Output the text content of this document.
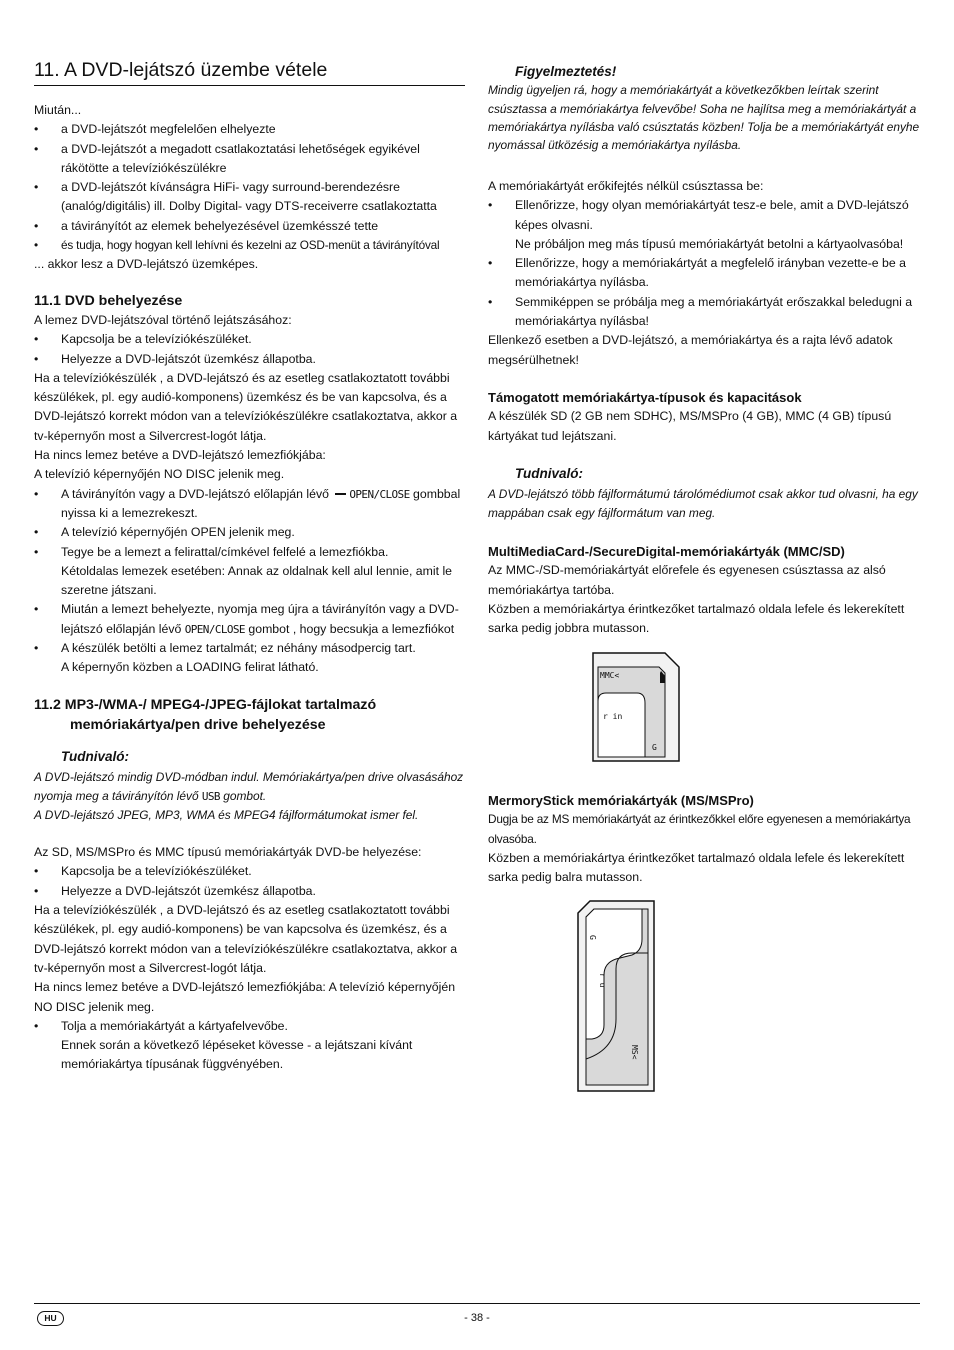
11. A DVD-lejátszó üzembe vétele

Miután...

• a DVD-lejátszót megfelelően elhelyezte
• a DVD-lejátszót a megadott csatlakoztatási lehetőségek egyikével rákötötte a televíziókészülékre
• a DVD-lejátszót kívánságra HiFi- vagy surround-berendezésre (analóg/digitális) ill. Dolby Digital- vagy DTS-receiverre csatlakoztatta
• a távirányítót az elemek behelyezésével üzemkésszé tette
• és tudja, hogy hogyan kell lehívni és kezelni az OSD-menüt a távirányítóval

... akkor lesz a DVD-lejátszó üzemképes.

11.1 DVD behelyezése

A lemez DVD-lejátszóval történő lejátszásához:

• Kapcsolja be a televíziókészüléket.
• Helyezze a DVD-lejátszót üzemkész állapotba.

Ha a televíziókészülék , a DVD-lejátszó és az esetleg csatlakoztatott további készülékek, pl. egy audió-komponens) üzemkész és be van kapcsolva, és a DVD-lejátszó korrekt módon van a televíziókészülékre csatlakoztatva, akkor a tv-képernyőn most a Silvercrest-logót látja.

Ha nincs lemez betéve a DVD-lejátszó lemezfiókjába:

A televízió képernyőjén NO DISC jelenik meg.

• A távirányítón vagy a DVD-lejátszó előlapján lévő OPEN/CLOSE gombbal nyissa ki a lemezrekeszt.
• A televízió képernyőjén OPEN jelenik meg.
• Tegye be a lemezt a felirattal/címkével felfelé a lemezfiókba.
Kétoldalas lemezek esetében: Annak az oldalnak kell alul lennie, amit le szeretne játszani.
• Miután a lemezt behelyezte, nyomja meg újra a távirányítón vagy a DVD-lejátszó előlapján lévő OPEN/CLOSE gombot , hogy becsukja a lemezfiókot
• A készülék betölti a lemez tartalmát; ez néhány másodpercig tart.
A képernyőn közben a LOADING felirat látható.

11.2 MP3-/WMA-/ MPEG4-/JPEG-fájlokat tartalmazó

memóriakártya/pen drive behelyezése

Tudnivaló:

A DVD-lejátszó mindig DVD-módban indul. Memóriakártya/pen drive olvasásához nyomja meg a távirányítón lévő USB gombot.

A DVD-lejátszó JPEG, MP3, WMA és MPEG4 fájlformátumokat ismer fel.

Az SD, MS/MSPro és MMC típusú memóriakártyák DVD-be helyezése:

• Kapcsolja be a televíziókészüléket.
• Helyezze a DVD-lejátszót üzemkész állapotba.

Ha a televíziókészülék , a DVD-lejátszó és az esetleg csatlakoztatott további készülékek, pl. egy audió-komponens) be van kapcsolva és üzemkész, és a DVD-lejátszó korrekt módon van a televíziókészülékre csatlakoztatva, akkor a tv-képernyőn most a Silvercrest-logót látja.

Ha nincs lemez betéve a DVD-lejátszó lemezfiókjába: A televízió képernyőjén NO DISC jelenik meg.

• Tolja a memóriakártyát a kártyafelvevőbe.
Ennek során a következő lépéseket kövesse - a lejátszani kívánt memóriakártya típusának függvényében.

Figyelmeztetés!

Mindig ügyeljen rá, hogy a memóriakártyát a következőkben leírtak szerint csúsztassa a memóriakártya felvevőbe! Soha ne hajlítsa meg a memóriakártyát a memóriakártya nyílásba való csúsztatás közben! Tolja be a memóriakártyát enyhe nyomással ütközésig a memóriakártya nyílásba.

A memóriakártyát erőkifejtés nélkül csúsztassa be:

• Ellenőrizze, hogy olyan memóriakártyát tesz-e bele, amit a DVD-lejátszó képes olvasni.
Ne próbáljon meg más típusú memóriakártyát betolni a kártyaolvasóba!
• Ellenőrizze, hogy a memóriakártyát a megfelelő irányban vezette-e be a memóriakártya nyílásba.
• Semmiképpen se próbálja meg a memóriakártyát erőszakkal beledugni a memóriakártya nyílásba!

Ellenkező esetben a DVD-lejátszó, a memóriakártya és a rajta lévő adatok megsérülhetnek!

Támogatott memóriakártya-típusok és kapacitások

A készülék SD (2 GB nem SDHC), MS/MSPro (4 GB), MMC (4 GB) típusú kártyákat tud lejátszani.

Tudnivaló:

A DVD-lejátszó több fájlformátumú tárolómédiumot csak akkor tud olvasni, ha egy mappában csak egy fájlformátum van meg.

MultiMediaCard-/SecureDigital-memóriakártyák (MMC/SD)

Az MMC-/SD-memóriakártyát előrefele és egyenesen csúsztassa az alsó memóriakártya tartóba.

Közben a memóriakártya érintkezőket tartalmazó oldala lefele és lekerekített sarka pedig jobbra mutasson.

MermoryStick memóriakártyák (MS/MSPro)

Dugja be az MS memóriakártyát az érintkezőkkel előre egyenesen a memóriakártya olvasóba.

Közben a memóriakártya érintkezőket tartalmazó oldala lefele és lekerekített sarka pedig balra mutasson.

MMC<
r in
G
G
r u
MS<
HU	- 38 -
